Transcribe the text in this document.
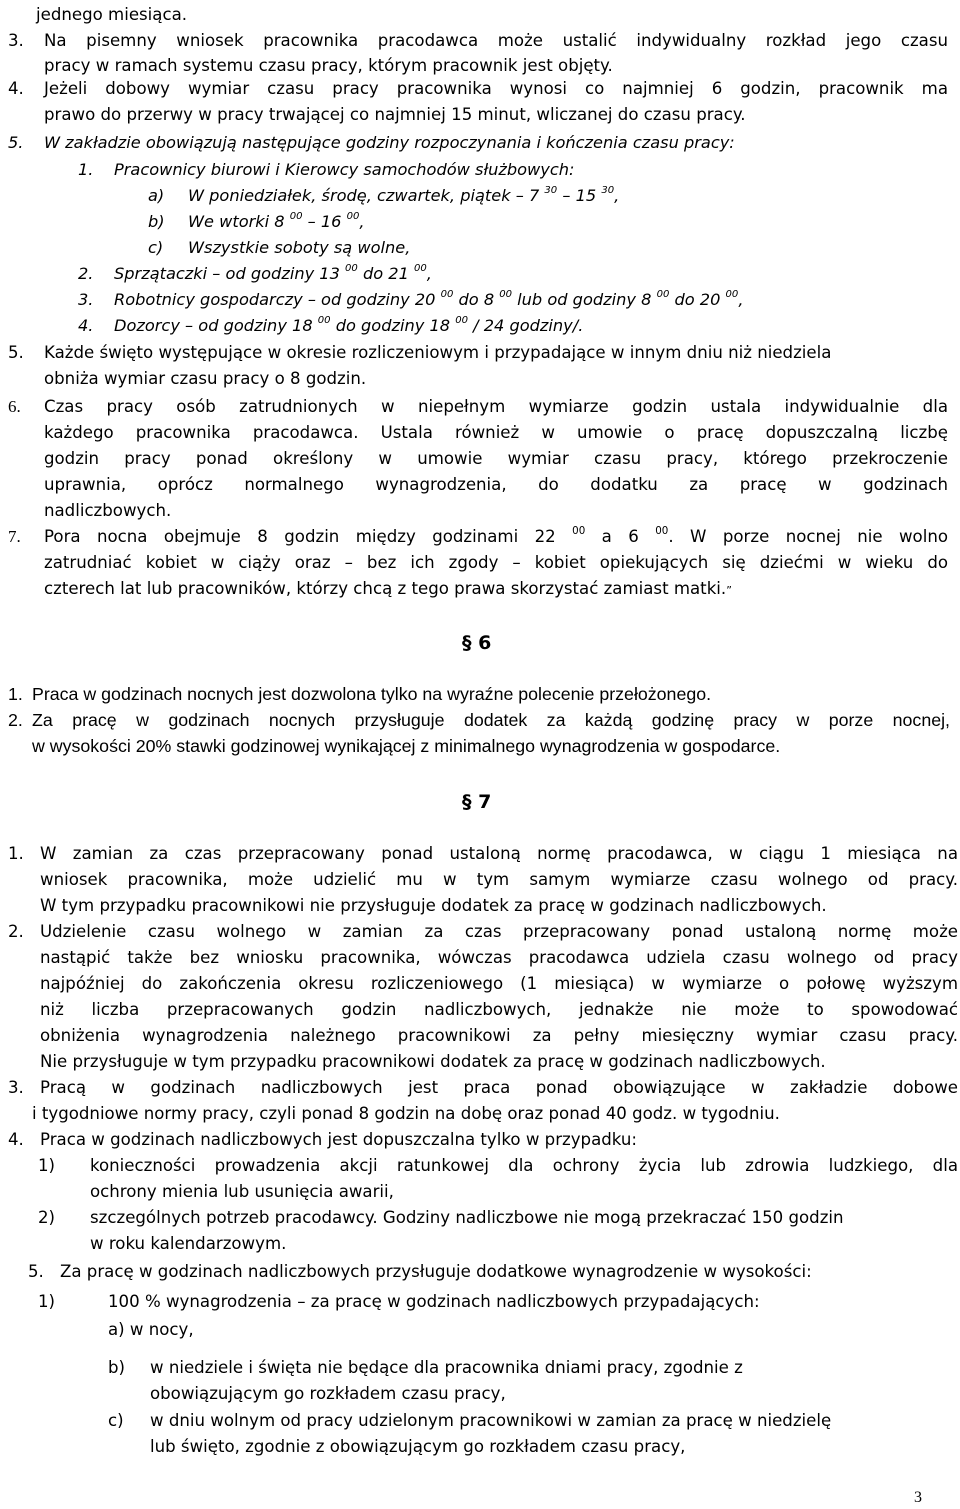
3.
4.
5.
1.
a)
b)
c)
2.
3.
4.
5.
6.
7.
1.
2.
1.
2.
3.
4.
1)
2)
5.
1)
b)
c)
jednego miesiąca.
Na pisemny wniosek pracownika pracodawca może ustalić indywidualny rozkład jego czasu
pracy w ramach systemu czasu pracy, którym pracownik jest objęty.
Jeżeli dobowy wymiar czasu pracy pracownika wynosi co najmniej 6 godzin, pracownik ma
prawo do przerwy w pracy trwającej co najmniej 15 minut, wliczanej do czasu pracy.
W zakładzie obowiązują następujące godziny rozpoczynania i kończenia czasu pracy:
Pracownicy biurowi i Kierowcy samochodów służbowych:
W poniedziałek, środę, czwartek, piątek – 7 $^{30}$ – 15 $^{30}$,
We wtorki 8 $^{00}$ – 16 $^{00}$,
Wszystkie soboty są wolne,
Sprzątaczki – od godziny 13 $^{00}$ do 21 $^{00}$,
Robotnicy gospodarczy – od godziny 20 $^{00}$ do 8 $^{00}$ lub od godziny 8 $^{00}$ do 20 $^{00}$,
Dozorcy – od godziny 18 $^{00}$ do godziny 18 $^{00}$ / 24 godziny/.
Każde święto występujące w okresie rozliczeniowym i przypadające w innym dniu niż niedziela
obniża wymiar czasu pracy o 8 godzin.
Czas pracy osób zatrudnionych w niepełnym wymiarze godzin ustala indywidualnie dla
każdego pracownika pracodawca. Ustala również w umowie o pracę dopuszczalną liczbę
godzin pracy ponad określony w umowie wymiar czasu pracy, którego przekroczenie
uprawnia, oprócz normalnego wynagrodzenia, do dodatku za pracę w godzinach
nadliczbowych.
Pora nocna obejmuje 8 godzin między godzinami 22 $^{00}$ a 6 $^{00}$. W porze nocnej nie wolno
zatrudniać kobiet w ciąży oraz – bez ich zgody – kobiet opiekujących się dziećmi w wieku do
czterech lat lub pracowników, którzy chcą z tego prawa skorzystać zamiast matki.”
§ 6
Praca w godzinach nocnych jest dozwolona tylko na wyraźne polecenie przełożonego.
Za pracę w godzinach nocnych przysługuje dodatek za każdą godzinę pracy w porze nocnej,
w wysokości 20% stawki godzinowej wynikającej z minimalnego wynagrodzenia w gospodarce.
§ 7
W zamian za czas przepracowany ponad ustaloną normę pracodawca, w ciągu 1 miesiąca na
wniosek pracownika, może udzielić mu w tym samym wymiarze czasu wolnego od pracy.
W tym przypadku pracownikowi nie przysługuje dodatek za pracę w godzinach nadliczbowych.
Udzielenie czasu wolnego w zamian za czas przepracowany ponad ustaloną normę może
nastąpić także bez wniosku pracownika, wówczas pracodawca udziela czasu wolnego od pracy
najpóźniej do zakończenia okresu rozliczeniowego (1 miesiąca) w wymiarze o połowę wyższym
niż liczba przepracowanych godzin nadliczbowych, jednakże nie może to spowodować
obniżenia wynagrodzenia należnego pracownikowi za pełny miesięczny wymiar czasu pracy.
Nie przysługuje w tym przypadku pracownikowi dodatek za pracę w godzinach nadliczbowych.
Pracą w godzinach nadliczbowych jest praca ponad obowiązujące w zakładzie dobowe
i tygodniowe normy pracy, czyli ponad 8 godzin na dobę oraz ponad 40 godz. w tygodniu.
Praca w godzinach nadliczbowych jest dopuszczalna tylko w przypadku:
konieczności prowadzenia akcji ratunkowej dla ochrony życia lub zdrowia ludzkiego, dla
ochrony mienia lub usunięcia awarii,
szczególnych potrzeb pracodawcy. Godziny nadliczbowe nie mogą przekraczać 150 godzin
w roku kalendarzowym.
Za pracę w godzinach nadliczbowych przysługuje dodatkowe wynagrodzenie w wysokości:
100 % wynagrodzenia – za pracę w godzinach nadliczbowych przypadających:
a) w nocy,
w niedziele i święta nie będące dla pracownika dniami pracy, zgodnie z
obowiązującym go rozkładem czasu pracy,
w dniu wolnym od pracy udzielonym pracownikowi w zamian za pracę w niedzielę
lub święto, zgodnie z obowiązującym go rozkładem czasu pracy,
3
